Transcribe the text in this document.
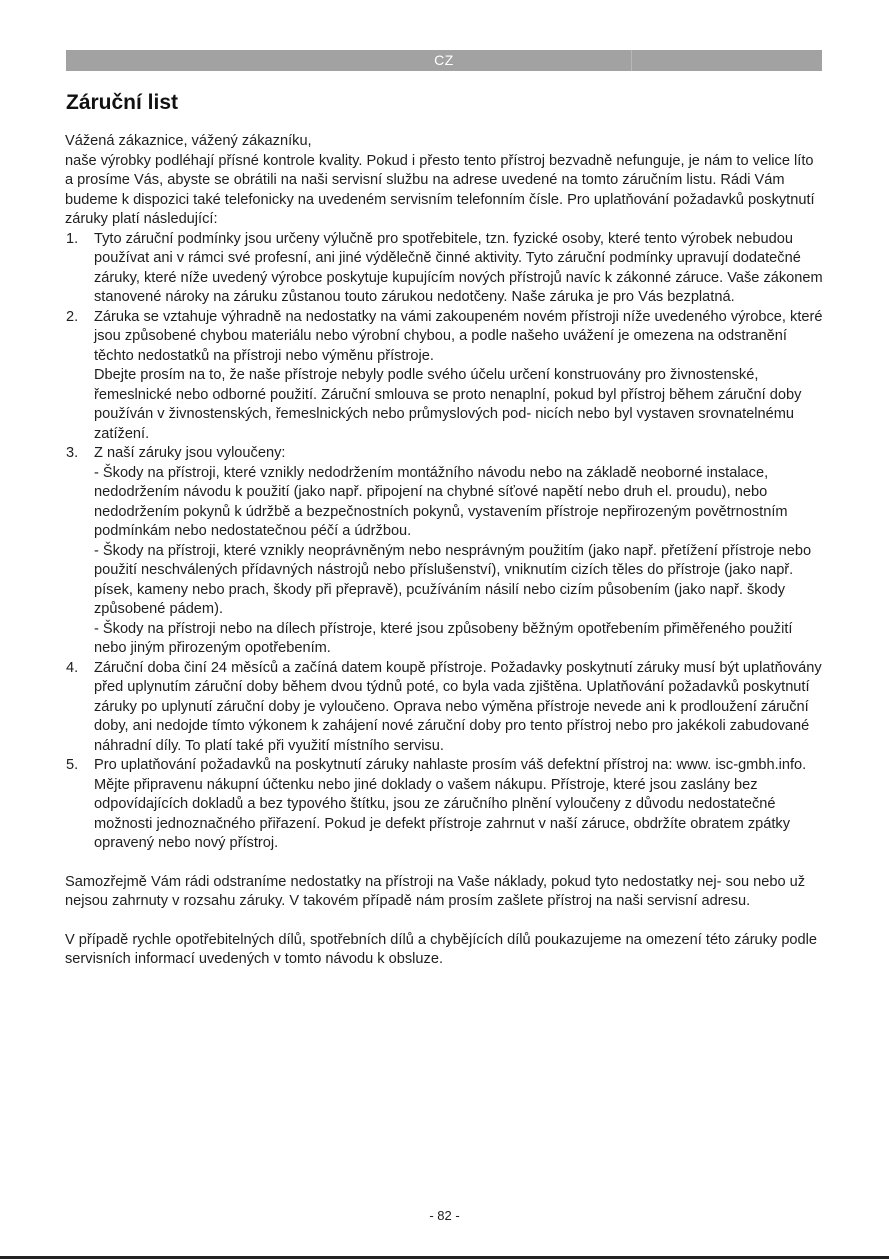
CZ
Záruční list

Vážená zákaznice, vážený zákazníku,

naše výrobky podléhají přísné kontrole kvality. Pokud i přesto tento přístroj bezvadně nefunguje, je nám to velice líto a prosíme Vás, abyste se obrátili na naši servisní službu na adrese uvedené na tomto záručním listu. Rádi Vám budeme k dispozici také telefonicky na uvedeném servisním telefonním čísle. Pro uplatňování požadavků poskytnutí záruky platí následující:

1. Tyto záruční podmínky jsou určeny výlučně pro spotřebitele, tzn. fyzické osoby, které tento výrobek nebudou používat ani v rámci své profesní, ani jiné výdělečně činné aktivity. Tyto záruční podmínky upravují dodatečné záruky, které níže uvedený výrobce poskytuje kupujícím nových přístrojů navíc k zákonné záruce. Vaše zákonem stanovené nároky na záruku zůstanou touto zárukou nedotčeny. Naše záruka je pro Vás bezplatná.

2. Záruka se vztahuje výhradně na nedostatky na vámi zakoupeném novém přístroji níže uvedeného výrobce, které jsou způsobené chybou materiálu nebo výrobní chybou, a podle našeho uvážení je omezena na odstranění těchto nedostatků na přístroji nebo výměnu přístroje.

Dbejte prosím na to, že naše přístroje nebyly podle svého účelu určení konstruovány pro živnostenské, řemeslnické nebo odborné použití. Záruční smlouva se proto nenaplní, pokud byl přístroj během záruční doby používán v živnostenských, řemeslnických nebo průmyslových pod- nicích nebo byl vystaven srovnatelnému zatížení.

3. Z naší záruky jsou vyloučeny:

- Škody na přístroji, které vznikly nedodržením montážního návodu nebo na základě neoborné instalace, nedodržením návodu k použití (jako např. připojení na chybné síťové napětí nebo druh el. proudu), nebo nedodržením pokynů k údržbě a bezpečnostních pokynů, vystavením přístroje nepřirozeným povětrnostním podmínkám nebo nedostatečnou péčí a údržbou.

- Škody na přístroji, které vznikly neoprávněným nebo nesprávným použitím (jako např. přetížení přístroje nebo použití neschválených přídavných nástrojů nebo příslušenství), vniknutím cizích těles do přístroje (jako např. písek, kameny nebo prach, škody při přepravě), pcužíváním násilí nebo cizím působením (jako např. škody způsobené pádem).

- Škody na přístroji nebo na dílech přístroje, které jsou způsobeny běžným opotřebením přiměřeného použití nebo jiným přirozeným opotřebením.

4. Záruční doba činí 24 měsíců a začíná datem koupě přístroje. Požadavky poskytnutí záruky musí být uplatňovány před uplynutím záruční doby během dvou týdnů poté, co byla vada zjištěna. Uplatňování požadavků poskytnutí záruky po uplynutí záruční doby je vyloučeno. Oprava nebo výměna přístroje nevede ani k prodloužení záruční doby, ani nedojde tímto výkonem k zahájení nové záruční doby pro tento přístroj nebo pro jakékoli zabudované náhradní díly. To platí také při využití místního servisu.

5. Pro uplatňování požadavků na poskytnutí záruky nahlaste prosím váš defektní přístroj na: www. isc-gmbh.info. Mějte připravenu nákupní účtenku nebo jiné doklady o vašem nákupu. Přístroje, které jsou zaslány bez odpovídajících dokladů a bez typového štítku, jsou ze záručního plnění vyloučeny z důvodu nedostatečné možnosti jednoznačného přiřazení. Pokud je defekt přístroje zahrnut v naší záruce, obdržíte obratem zpátky opravený nebo nový přístroj.

Samozřejmě Vám rádi odstraníme nedostatky na přístroji na Vaše náklady, pokud tyto nedostatky nej- sou nebo už nejsou zahrnuty v rozsahu záruky. V takovém případě nám prosím zašlete přístroj na naši servisní adresu.

V případě rychle opotřebitelných dílů, spotřebních dílů a chybějících dílů poukazujeme na omezení této záruky podle servisních informací uvedených v tomto návodu k obsluze.

- 82 -
